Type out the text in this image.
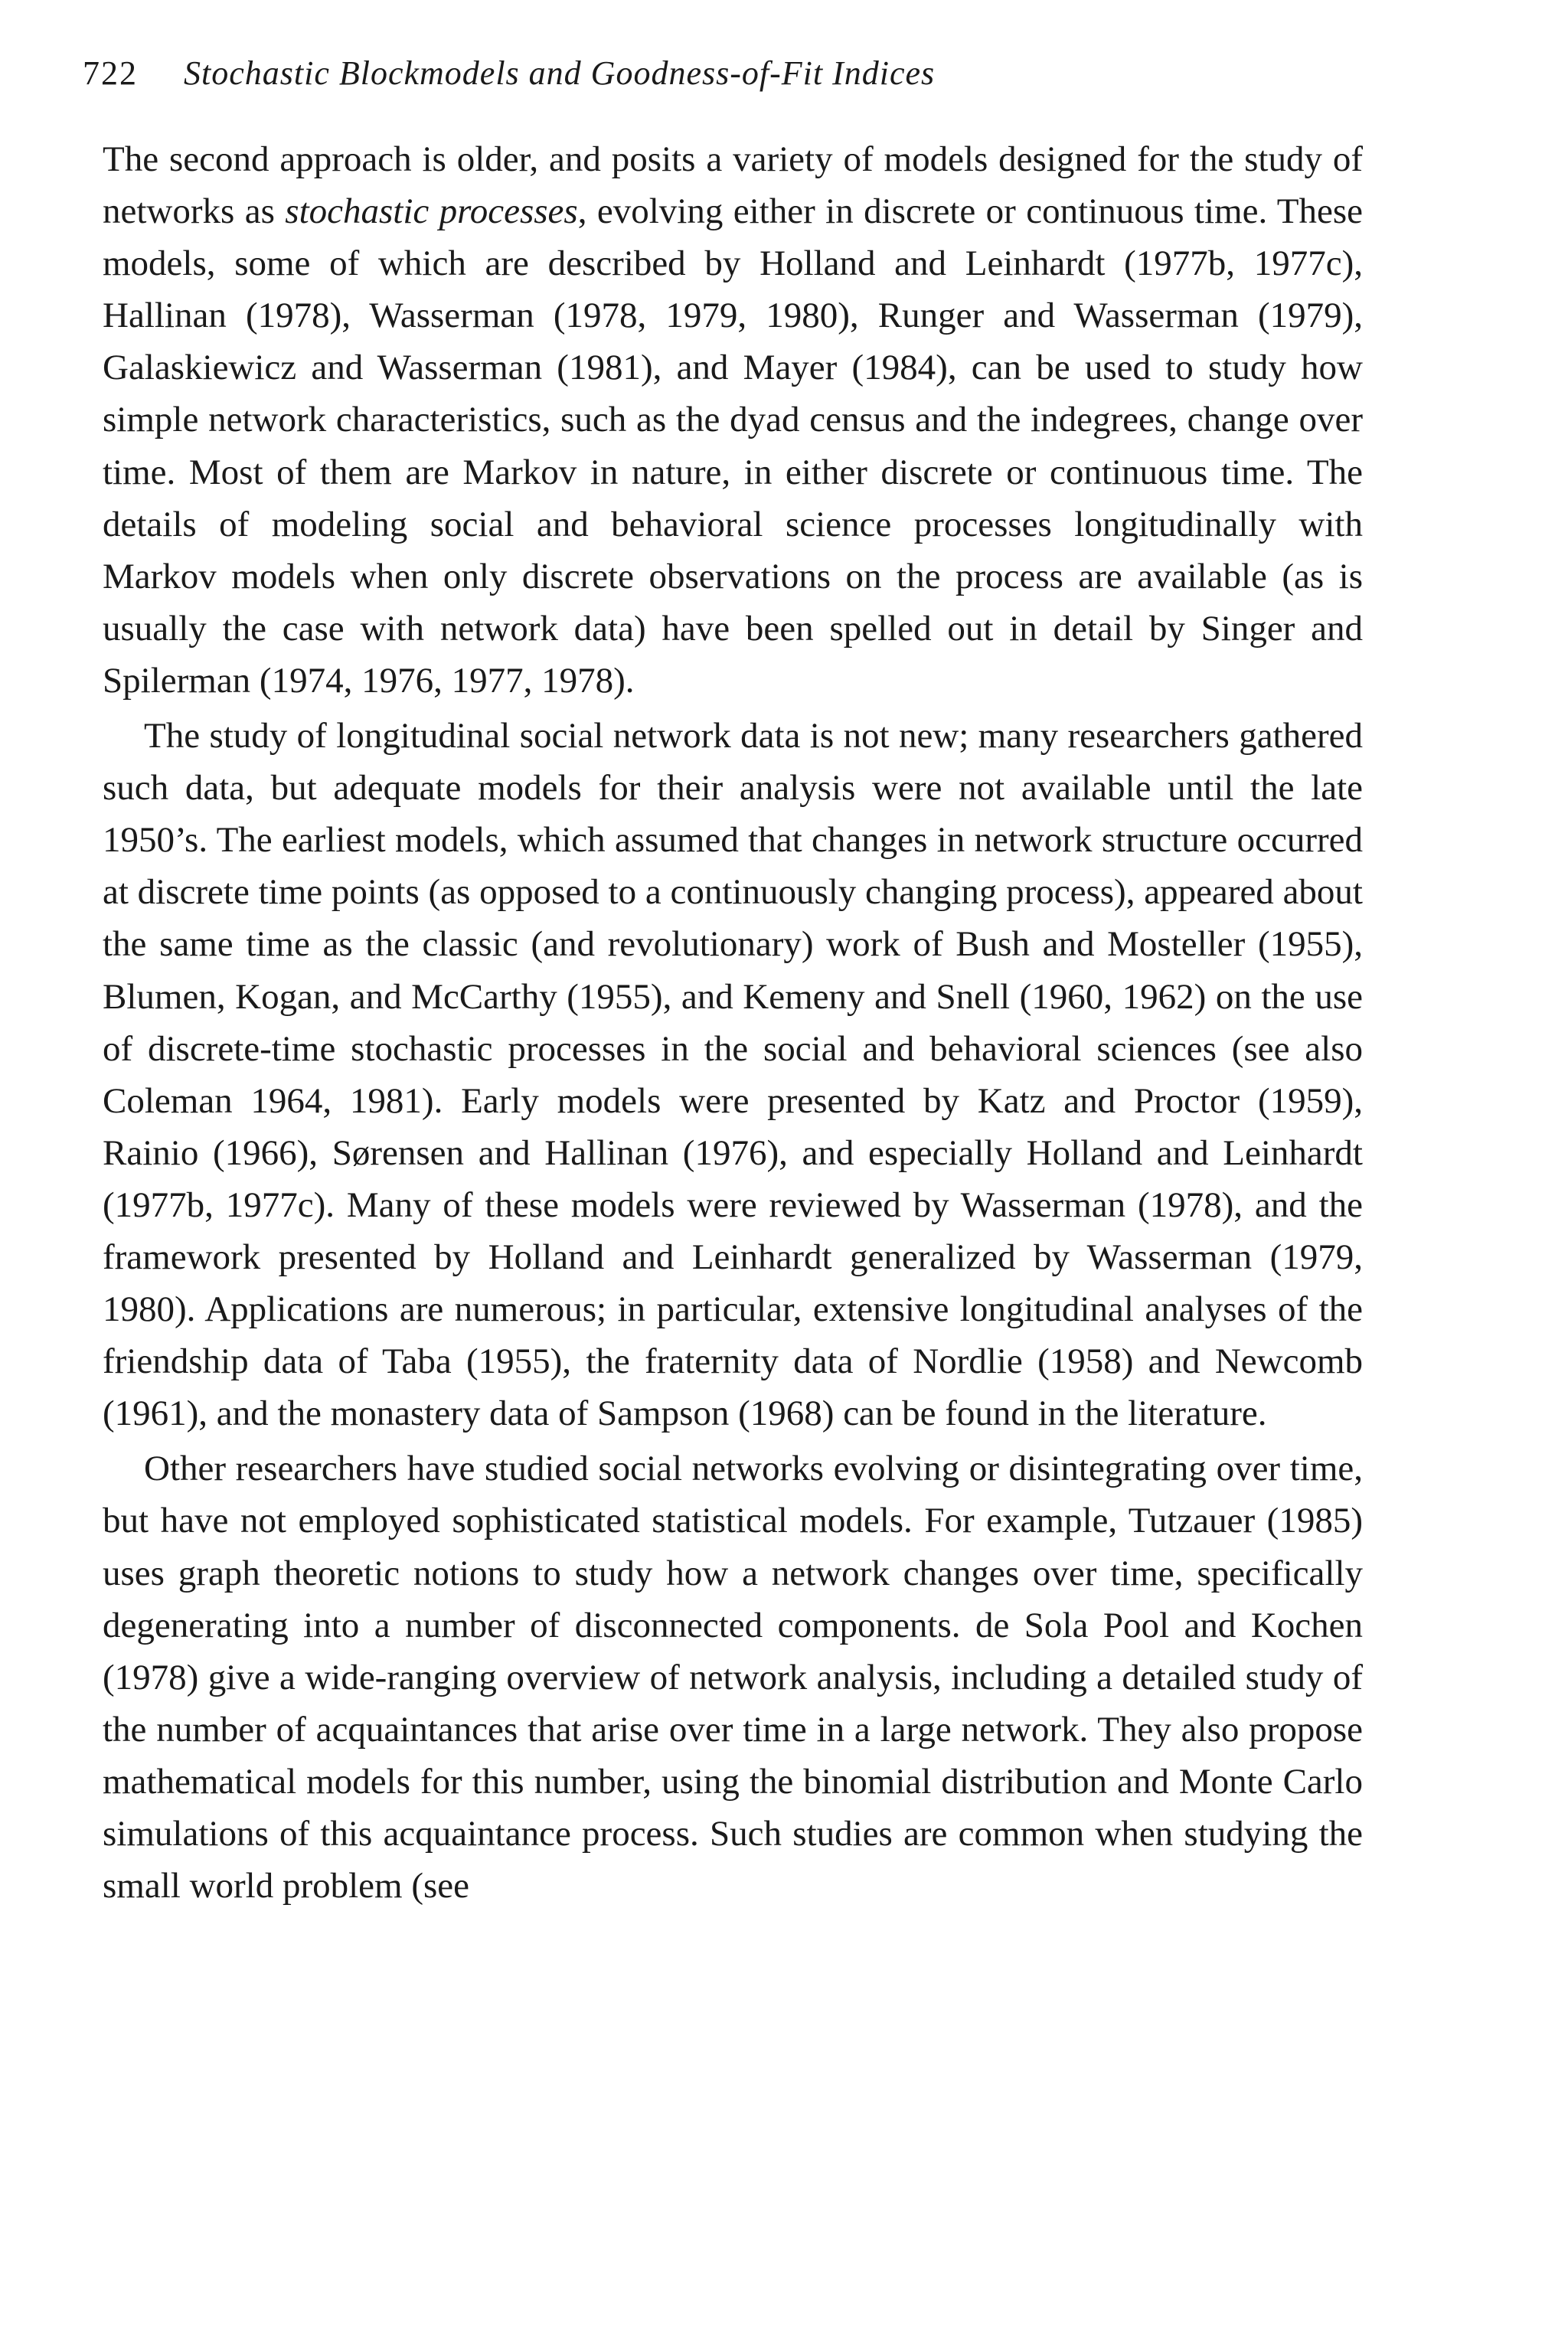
722 Stochastic Blockmodels and Goodness-of-Fit Indices

The second approach is older, and posits a variety of models designed for the study of networks as stochastic processes, evolving either in discrete or continuous time. These models, some of which are described by Holland and Leinhardt (1977b, 1977c), Hallinan (1978), Wasserman (1978, 1979, 1980), Runger and Wasserman (1979), Galaskiewicz and Wasserman (1981), and Mayer (1984), can be used to study how simple network characteristics, such as the dyad census and the indegrees, change over time. Most of them are Markov in nature, in either discrete or continuous time. The details of modeling social and behavioral science processes longitudinally with Markov models when only discrete observations on the process are available (as is usually the case with network data) have been spelled out in detail by Singer and Spilerman (1974, 1976, 1977, 1978).

The study of longitudinal social network data is not new; many researchers gathered such data, but adequate models for their analysis were not available until the late 1950’s. The earliest models, which assumed that changes in network structure occurred at discrete time points (as opposed to a continuously changing process), appeared about the same time as the classic (and revolutionary) work of Bush and Mosteller (1955), Blumen, Kogan, and McCarthy (1955), and Kemeny and Snell (1960, 1962) on the use of discrete-time stochastic processes in the social and behavioral sciences (see also Coleman 1964, 1981). Early models were presented by Katz and Proctor (1959), Rainio (1966), Sørensen and Hallinan (1976), and especially Holland and Leinhardt (1977b, 1977c). Many of these models were reviewed by Wasserman (1978), and the framework presented by Holland and Leinhardt generalized by Wasserman (1979, 1980). Applications are numerous; in particular, extensive longitudinal analyses of the friendship data of Taba (1955), the fraternity data of Nordlie (1958) and Newcomb (1961), and the monastery data of Sampson (1968) can be found in the literature.

Other researchers have studied social networks evolving or disintegrating over time, but have not employed sophisticated statistical models. For example, Tutzauer (1985) uses graph theoretic notions to study how a network changes over time, specifically degenerating into a number of disconnected components. de Sola Pool and Kochen (1978) give a wide-ranging overview of network analysis, including a detailed study of the number of acquaintances that arise over time in a large network. They also propose mathematical models for this number, using the binomial distribution and Monte Carlo simulations of this acquaintance process. Such studies are common when studying the small world problem (see
